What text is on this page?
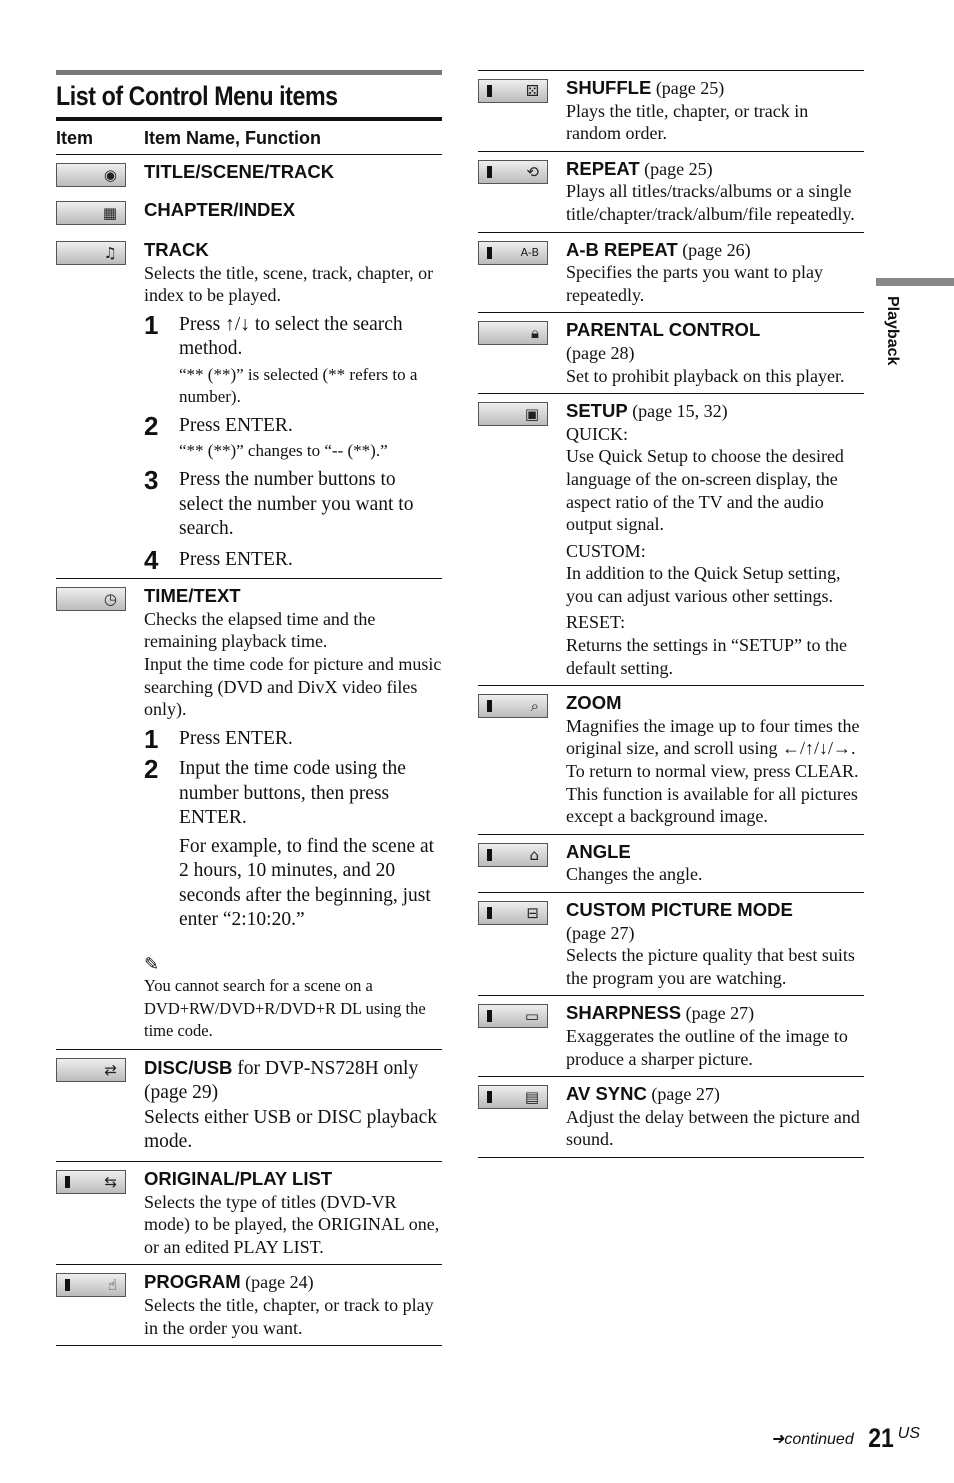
List of Control Menu items
Item	Item Name, Function
◉	TITLE/SCENE/TRACK
▦	CHAPTER/INDEX
♫	TRACK
Selects the title, scene, track, chapter, or index to be played.
1	Press ↑/↓ to select the search method.
“** (**)” is selected (** refers to a number).
2	Press ENTER.
“** (**)” changes to “-- (**).”
3	Press the number buttons to select the number you want to search.
4	Press ENTER.
◷	TIME/TEXT
Checks the elapsed time and the remaining playback time.
Input the time code for picture and music searching (DVD and DivX video files only).
1	Press ENTER.
2	Input the time code using the number buttons, then press ENTER.
For example, to find the scene at 2 hours, 10 minutes, and 20 seconds after the beginning, just enter “2:10:20.”
✎
You cannot search for a scene on a DVD+RW/DVD+R/DVD+R DL using the time code.
⇄	DISC/USB for DVP-NS728H only (page 29)
Selects either USB or DISC playback mode.
⇆	ORIGINAL/PLAY LIST
Selects the type of titles (DVD-VR mode) to be played, the ORIGINAL one, or an edited PLAY LIST.
☝	PROGRAM (page 24)
Selects the title, chapter, or track to play in the order you want.
⚄	SHUFFLE (page 25)
Plays the title, chapter, or track in random order.
⟲	REPEAT (page 25)
Plays all titles/tracks/albums or a single title/chapter/track/album/file repeatedly.
A-B	A-B REPEAT (page 26)
Specifies the parts you want to play repeatedly.
🔒︎	PARENTAL CONTROL
(page 28)
Set to prohibit playback on this player.
▣	SETUP (page 15, 32)
QUICK:
Use Quick Setup to choose the desired language of the on-screen display, the aspect ratio of the TV and the audio output signal.
CUSTOM:
In addition to the Quick Setup setting, you can adjust various other settings.
RESET:
Returns the settings in “SETUP” to the default setting.
⌕	ZOOM
Magnifies the image up to four times the original size, and scroll using ←/↑/↓/→.
To return to normal view, press CLEAR.
This function is available for all pictures except a background image.
⌂	ANGLE
Changes the angle.
⊟	CUSTOM PICTURE MODE
(page 27)
Selects the picture quality that best suits the program you are watching.
▭	SHARPNESS (page 27)
Exaggerates the outline of the image to produce a sharper picture.
▤	AV SYNC (page 27)
Adjust the delay between the picture and sound.
Playback
➜continued 21 US
